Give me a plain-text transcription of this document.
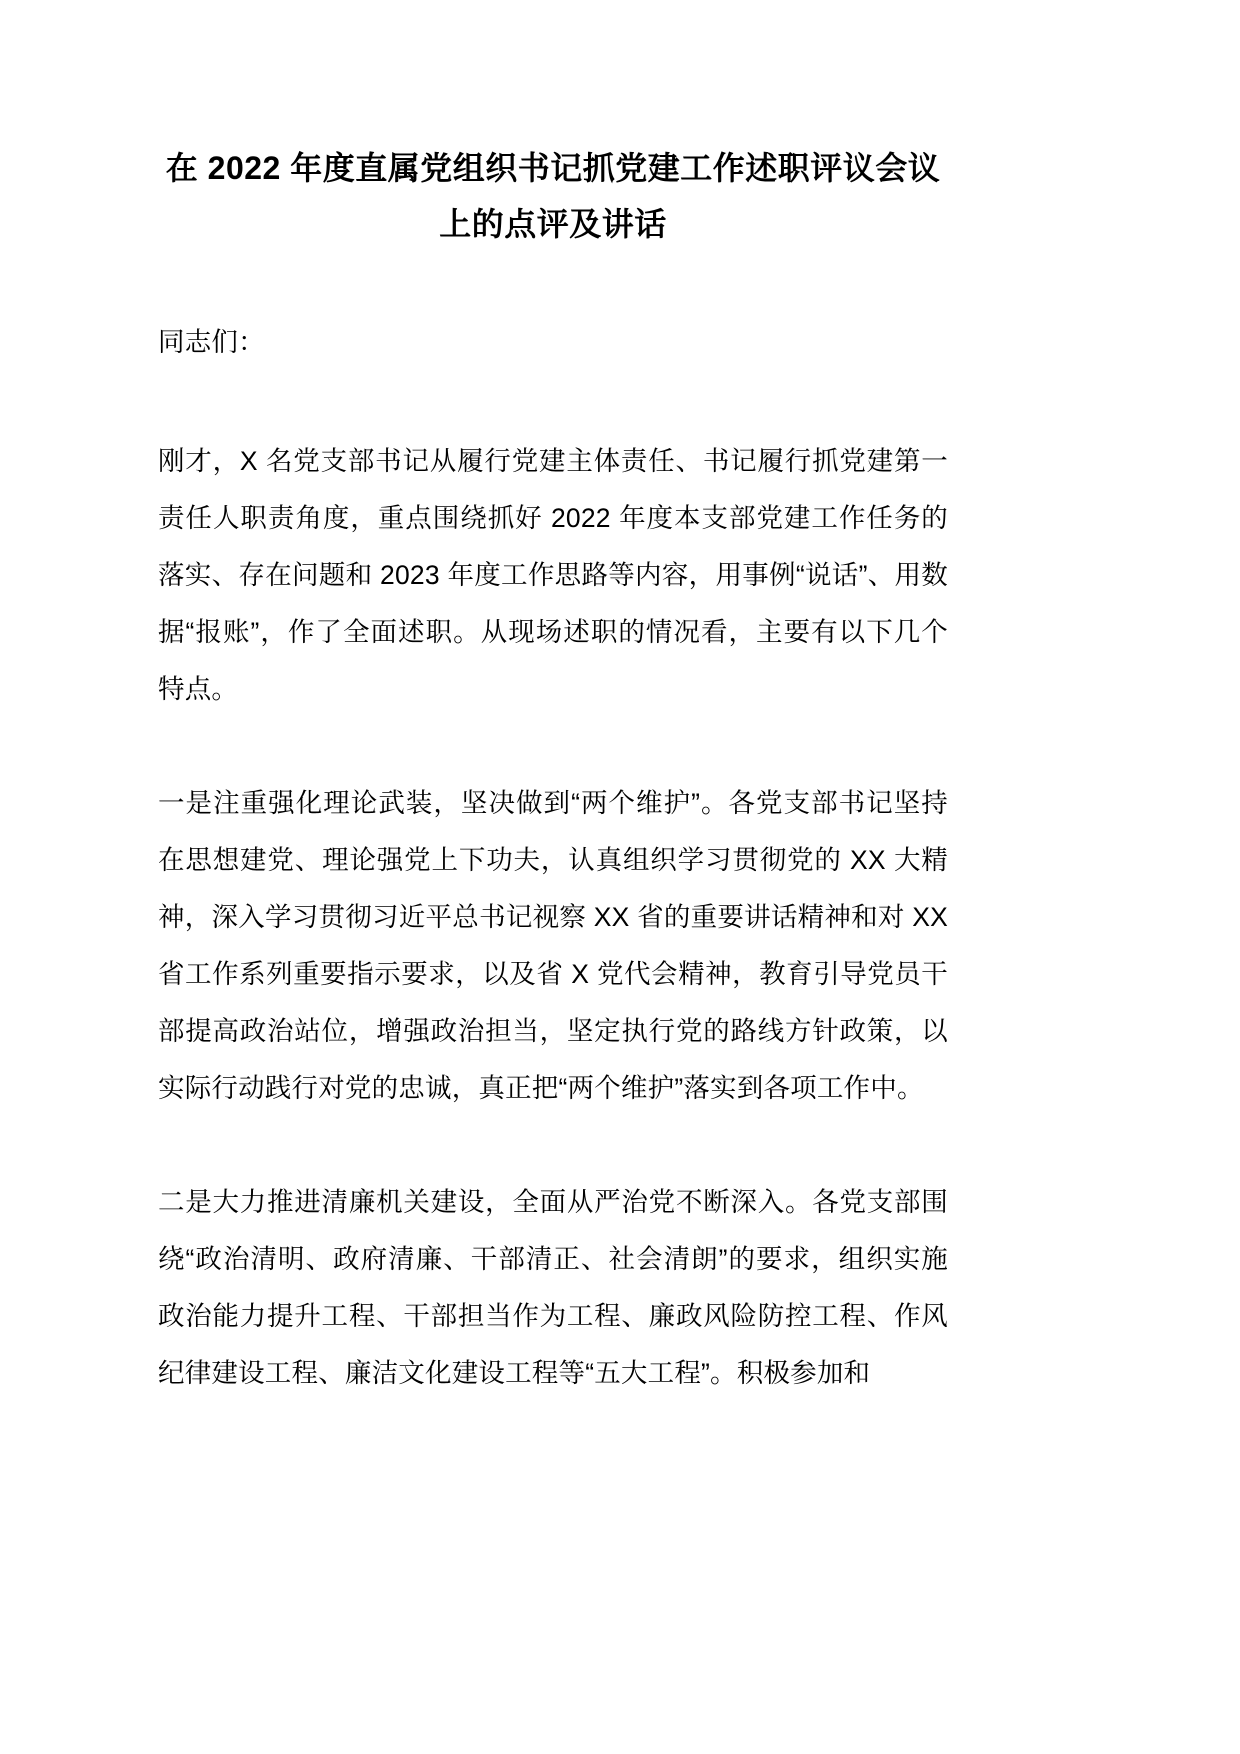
在 2022 年度直属党组织书记抓党建工作述职评议会议上的点评及讲话

同志们：

刚才，X 名党支部书记从履行党建主体责任、书记履行抓党建第一责任人职责角度，重点围绕抓好 2022 年度本支部党建工作任务的落实、存在问题和 2023 年度工作思路等内容，用事例“说话”、用数据“报账”，作了全面述职。从现场述职的情况看，主要有以下几个特点。

一是注重强化理论武装，坚决做到“两个维护”。各党支部书记坚持在思想建党、理论强党上下功夫，认真组织学习贯彻党的 XX 大精神，深入学习贯彻习近平总书记视察 XX 省的重要讲话精神和对 XX 省工作系列重要指示要求，以及省 X 党代会精神，教育引导党员干部提高政治站位，增强政治担当，坚定执行党的路线方针政策，以实际行动践行对党的忠诚，真正把“两个维护”落实到各项工作中。

二是大力推进清廉机关建设，全面从严治党不断深入。各党支部围绕“政治清明、政府清廉、干部清正、社会清朗”的要求，组织实施政治能力提升工程、干部担当作为工程、廉政风险防控工程、作风纪律建设工程、廉洁文化建设工程等“五大工程”。积极参加和
